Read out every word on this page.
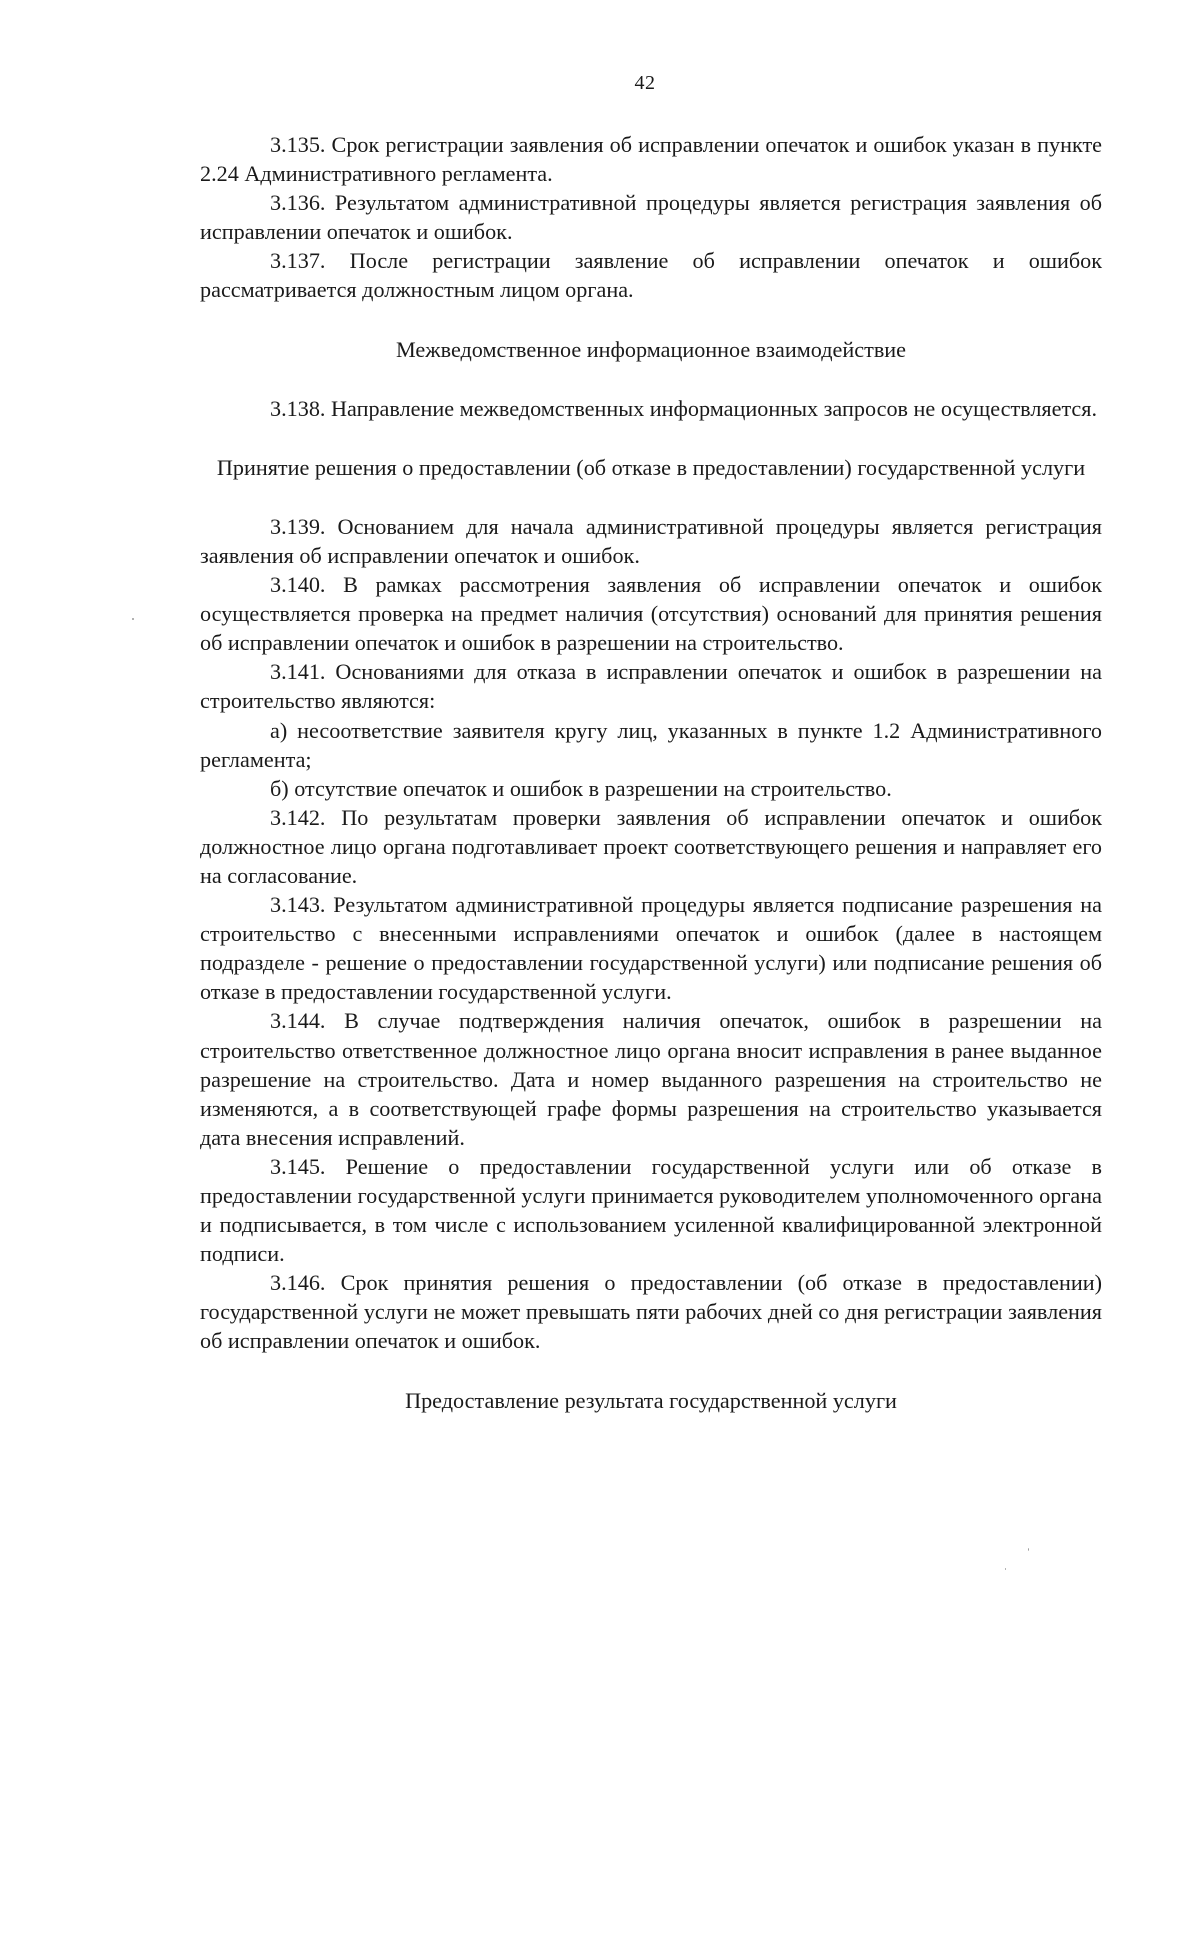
42

3.135. Срок регистрации заявления об исправлении опечаток и ошибок указан в пункте 2.24 Административного регламента.

3.136. Результатом административной процедуры является регистрация заявления об исправлении опечаток и ошибок.

3.137. После регистрации заявление об исправлении опечаток и ошибок рассматривается должностным лицом органа.

Межведомственное информационное взаимодействие

3.138. Направление межведомственных информационных запросов не осуществляется.

Принятие решения о предоставлении (об отказе в предоставлении) государственной услуги

3.139. Основанием для начала административной процедуры является регистрация заявления об исправлении опечаток и ошибок.

3.140. В рамках рассмотрения заявления об исправлении опечаток и ошибок осуществляется проверка на предмет наличия (отсутствия) оснований для принятия решения об исправлении опечаток и ошибок в разрешении на строительство.

3.141. Основаниями для отказа в исправлении опечаток и ошибок в разрешении на строительство являются:

а) несоответствие заявителя кругу лиц, указанных в пункте 1.2 Административного регламента;

б) отсутствие опечаток и ошибок в разрешении на строительство.

3.142. По результатам проверки заявления об исправлении опечаток и ошибок должностное лицо органа подготавливает проект соответствующего решения и направляет его на согласование.

3.143. Результатом административной процедуры является подписание разрешения на строительство с внесенными исправлениями опечаток и ошибок (далее в настоящем подразделе - решение о предоставлении государственной услуги) или подписание решения об отказе в предоставлении государственной услуги.

3.144. В случае подтверждения наличия опечаток, ошибок в разрешении на строительство ответственное должностное лицо органа вносит исправления в ранее выданное разрешение на строительство. Дата и номер выданного разрешения на строительство не изменяются, а в соответствующей графе формы разрешения на строительство указывается дата внесения исправлений.

3.145. Решение о предоставлении государственной услуги или об отказе в предоставлении государственной услуги принимается руководителем уполномоченного органа и подписывается, в том числе с использованием усиленной квалифицированной электронной подписи.

3.146. Срок принятия решения о предоставлении (об отказе в предоставлении) государственной услуги не может превышать пяти рабочих дней со дня регистрации заявления об исправлении опечаток и ошибок.

Предоставление результата государственной услуги
